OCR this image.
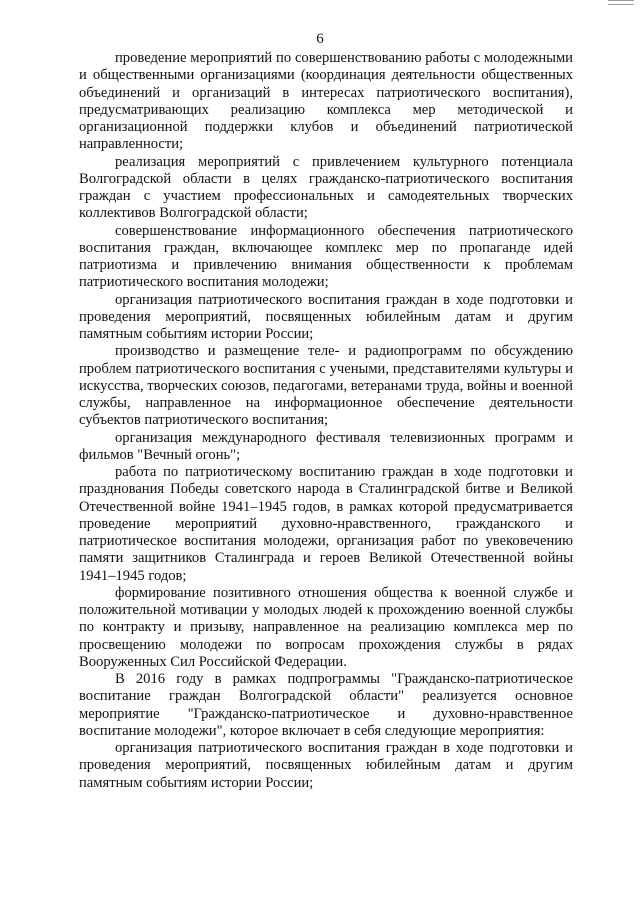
6

проведение мероприятий по совершенствованию работы с молодежными и общественными организациями (координация деятельности общественных объединений и организаций в интересах патриотического воспитания), предусматривающих реализацию комплекса мер методической и организационной поддержки клубов и объединений патриотической направленности;

реализация мероприятий с привлечением культурного потенциала Волгоградской области в целях гражданско-патриотического воспитания граждан с участием профессиональных и самодеятельных творческих коллективов Волгоградской области;

совершенствование информационного обеспечения патриотического воспитания граждан, включающее комплекс мер по пропаганде идей патриотизма и привлечению внимания общественности к проблемам патриотического воспитания молодежи;

организация патриотического воспитания граждан в ходе подготовки и проведения мероприятий, посвященных юбилейным датам и другим памятным событиям истории России;

производство и размещение теле- и радиопрограмм по обсуждению проблем патриотического воспитания с учеными, представителями культуры и искусства, творческих союзов, педагогами, ветеранами труда, войны и военной службы, направленное на информационное обеспечение деятельности субъектов патриотического воспитания;

организация международного фестиваля телевизионных программ и фильмов "Вечный огонь";

работа по патриотическому воспитанию граждан в ходе подготовки и празднования Победы советского народа в Сталинградской битве и Великой Отечественной войне 1941–1945 годов, в рамках которой предусматривается проведение мероприятий духовно-нравственного, гражданского и патриотическое воспитания молодежи, организация работ по увековечению памяти защитников Сталинграда и героев Великой Отечественной войны 1941–1945 годов;

формирование позитивного отношения общества к военной службе и положительной мотивации у молодых людей к прохождению военной службы по контракту и призыву, направленное на реализацию комплекса мер по просвещению молодежи по вопросам прохождения службы в рядах Вооруженных Сил Российской Федерации.

В 2016 году в рамках подпрограммы "Гражданско-патриотическое воспитание граждан Волгоградской области" реализуется основное мероприятие "Гражданско-патриотическое и духовно-нравственное воспитание молодежи", которое включает в себя следующие мероприятия:

организация патриотического воспитания граждан в ходе подготовки и проведения мероприятий, посвященных юбилейным датам и другим памятным событиям истории России;
